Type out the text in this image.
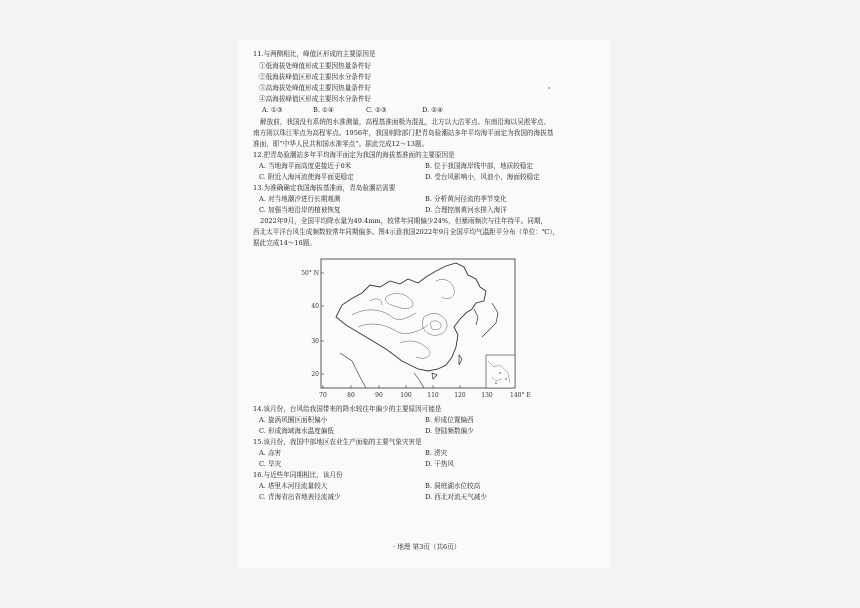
11.与两侧相比，峰值区形成的主要原因是
①低海拔处峰值形成主要因热量条件好
②低海拔峰值区形成主要因水分条件好
③高海拔处峰值形成主要因热量条件好
④高海拔峰值区形成主要因水分条件好
A. ①③	B. ①④	C. ②③	D. ②④
解放前，我国没有系统的水准测量，高程基准面极为混乱，北方以大沽零点、东南沿海以吴淞零点、
南方則以珠江零点为高程零点。1956年，我国则除部门把青岛验潮站多年平均海平面定为我国的海拔基
准面，即“中华人民共和国水准零点”。据此完成12～13题。
12.把青岛验潮站多年平均海平面定为我国的海拔基准面的主要原因是
A. 当地海平面高度更接近于0米	B. 位于我国海岸线中部，地质较稳定
C. 附近入海河流使海平面更稳定	D. 受台风影响小，风浪小，海面较稳定
13.为准确确定我国海拔基准面，青岛验潮站需要
A. 对当地潮汐进行长期观测	B. 分析黄河径流的季节变化
C. 加强当地沿岸的植被恢复	D. 合理控制黄河水排入海洋
2022年9月，全国平均降水量为49.4mm，较常年同期偏少24%，但暴雨频次与往年持平。同期，
西北太平洋台风生成频数较常年同期偏多。图4示意我国2022年9月全国平均气温距平分布（单位：℃），
据此完成14～16题。
50° N
40
30
20
70	80	90	100	110	120	130	140° E
14.该月份，台风给我国带来的降水较往年偏少的主要原因可能是
A. 旋涡风圈区面积偏小	B. 形成位置偏西
C. 形成海域海水温度偏低	D. 登陆频数偏少
15.该月份，我国中部地区农业生产面临的主要气象灾害是
A. 冻害	B. 涝灾
C. 旱灾	D. 干热风
16.与近些年同期相比，该月份
A. 塔里木河径流量较大	B. 洞庭湖水位较高
C. 青海省出省地表径流减少	D. 西北对流天气减少
· 地理 第3页（共6页）
